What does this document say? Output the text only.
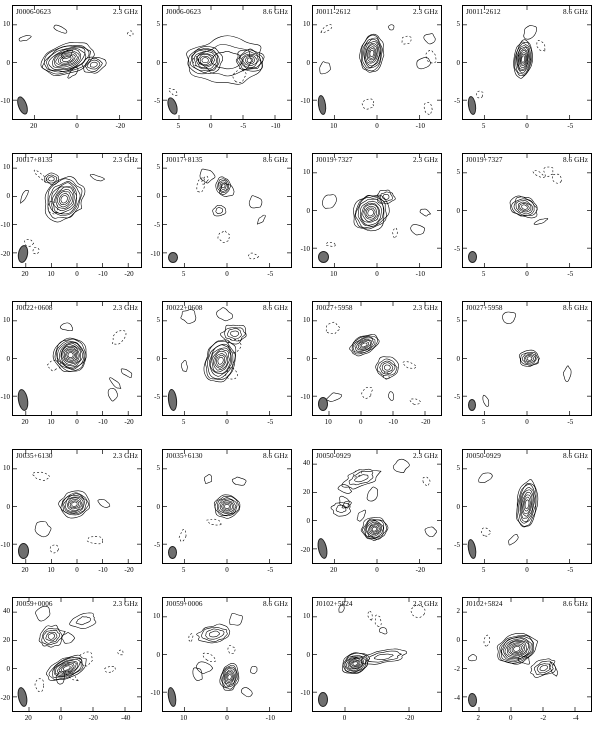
J0006-0623	2.3 GHz
20	0	-20
10
0
-10
J0006-0623	8.6 GHz
5	0	-5	-10
5
0
-5
J0011-2612	2.3 GHz
10	0	-10
10
0
-10
J0011-2612	8.6 GHz
5	0	-5
5
0
-5
J0017+8135	2.3 GHz
20	10	0	-10 -20
10
0
-10
-20
J0017+8135	8.6 GHz
5	0	-5
5
0
-5
-10
J0019+7327	2.3 GHz
10	0	-10
10
0
-10
J0019+7327	8.6 GHz
5	0	-5
5
0
-5
J0022+0608	2.3 GHz
20	10	0	-10 -20
10
0
-10
J0022+0608	8.6 GHz
5	0	-5
5
0
-5
J0027+5958	2.3 GHz
10	0	-10	-20
10
0
-10
J0027+5958	8.6 GHz
5	0	-5
5
0
-5
J0035+6130	2.3 GHz
20	10	0	-10 -20
10
0
-10
J0035+6130	8.6 GHz
5	0	-5
5
0
-5
J0050-0929	2.3 GHz
20	0	-20
40
20
0
-20
J0050-0929	8.6 GHz
5	0	-5
5
0
-5
J0059+0006	2.3 GHz
20	0	-20	-40
40
20
0
-20
J0059+0006	8.6 GHz
10	0	-10
10
0
-10
J0102+5824	2.3 GHz
0	-20
10
0
-10
J0102+5824	8.6 GHz
2	0	-2	-4
2
0
-2
-4
